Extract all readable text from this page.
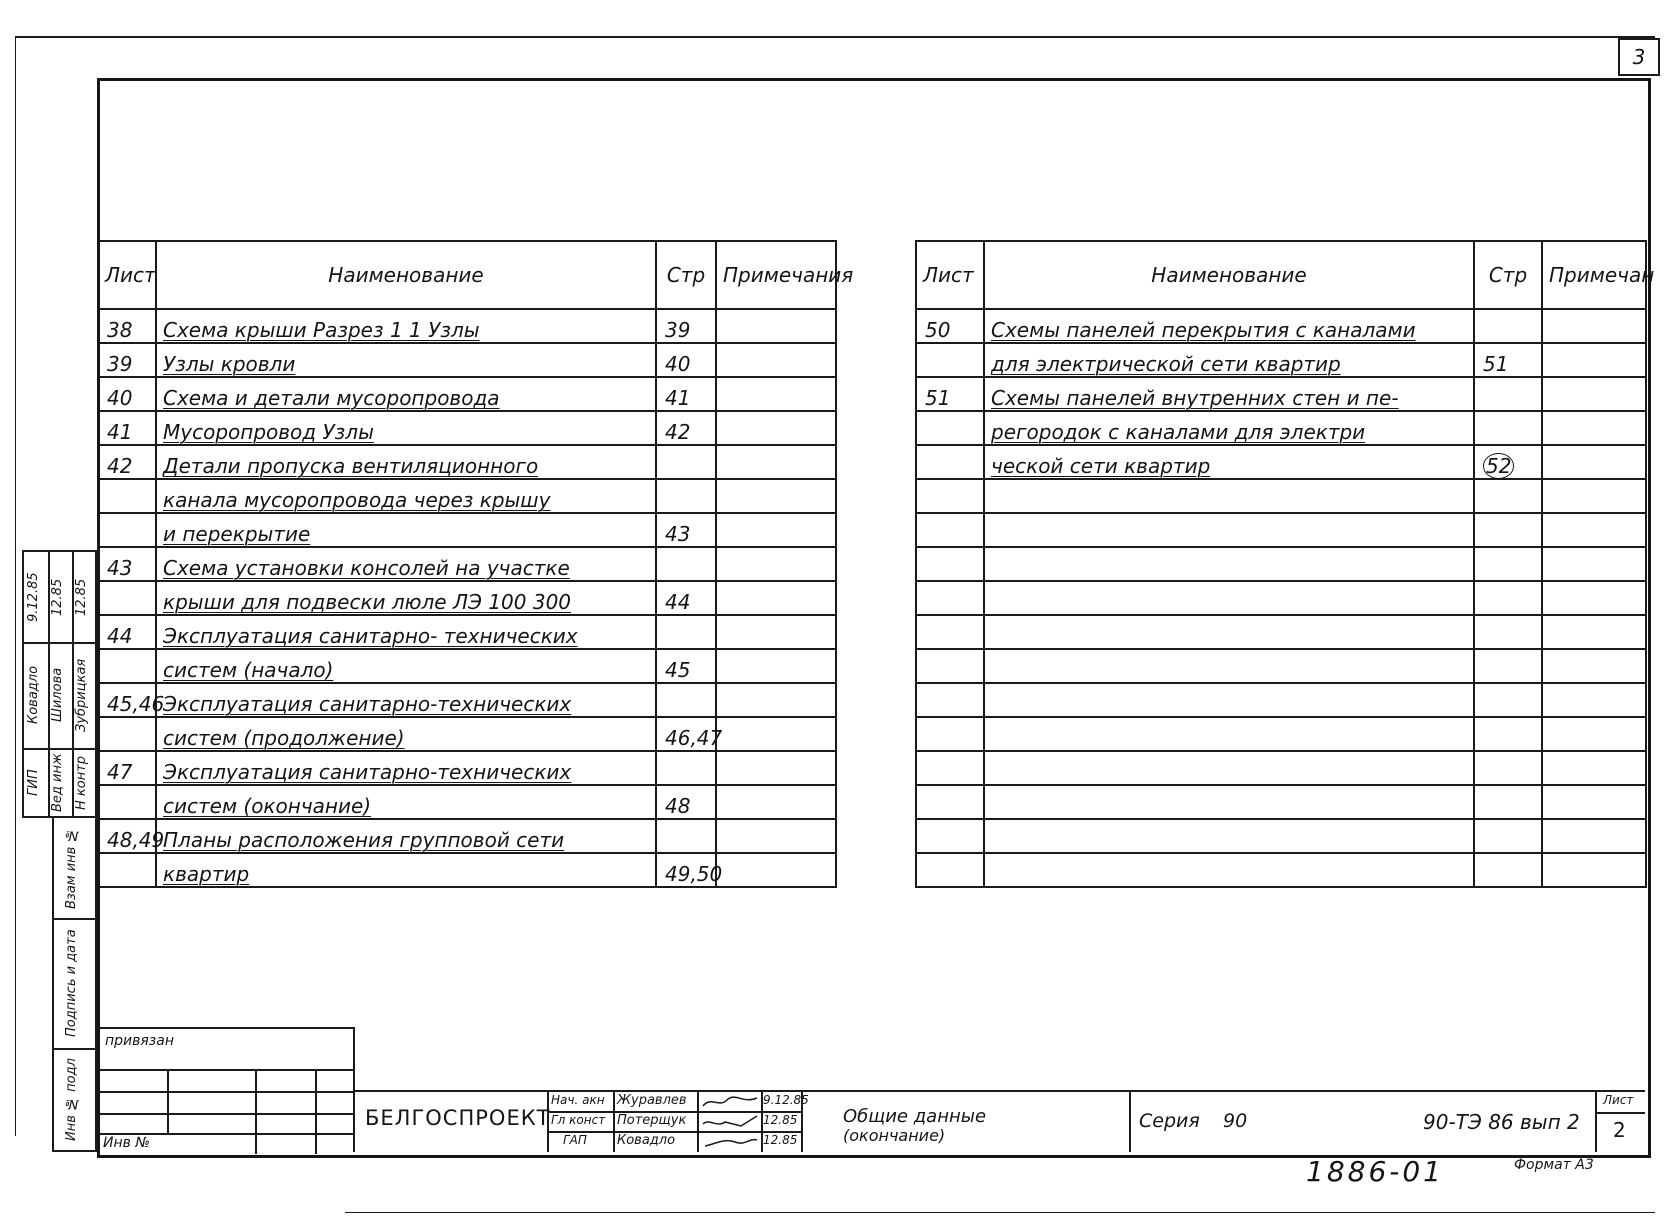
3
Лист	Наименование	Стр	Примечания
38	Схема крыши Разрез 1 1 Узлы	39	
39	Узлы кровли	40	
40	Схема и детали мусоропровода	41	
41	Мусоропровод Узлы	42	
42	Детали пропуска вентиляционного		
	канала мусоропровода через крышу		
	и перекрытие	43	
43	Схема установки консолей на участке		
	крыши для подвески люле ЛЭ 100 300	44	
44	Эксплуатация санитарно- технических		
	систем (начало)	45	
45,46	Эксплуатация санитарно-технических		
	систем (продолжение)	46,47	
47	Эксплуатация санитарно-технических		
	систем (окончание)	48	
48,49	Планы расположения групповой сети		
	квартир	49,50	
Лист	Наименование	Стр	Примечан
50	Схемы панелей перекрытия с каналами		
	для электрической сети квартир	51	
51	Схемы панелей внутренних стен и пе-		
	регородок с каналами для электри		
	ческой сети квартир	52	

9.12.85 12.85 12.85
Ковадло Шилова Зубрицкая
ГИП Вед инж Н контр
Взам инв №
Подпись и дата
Инв № подл
привязан
Инв №
БЕЛГОСПРОЕКТ
Нач. акн Журавлев	9.12.85
Гл конст Потерщук	12.85
ГАП Ковадло	12.85
Общие данные
(окончание)
Серия 90	90-ТЭ 86 вып 2
Лист
2
1886-01	Формат А3
